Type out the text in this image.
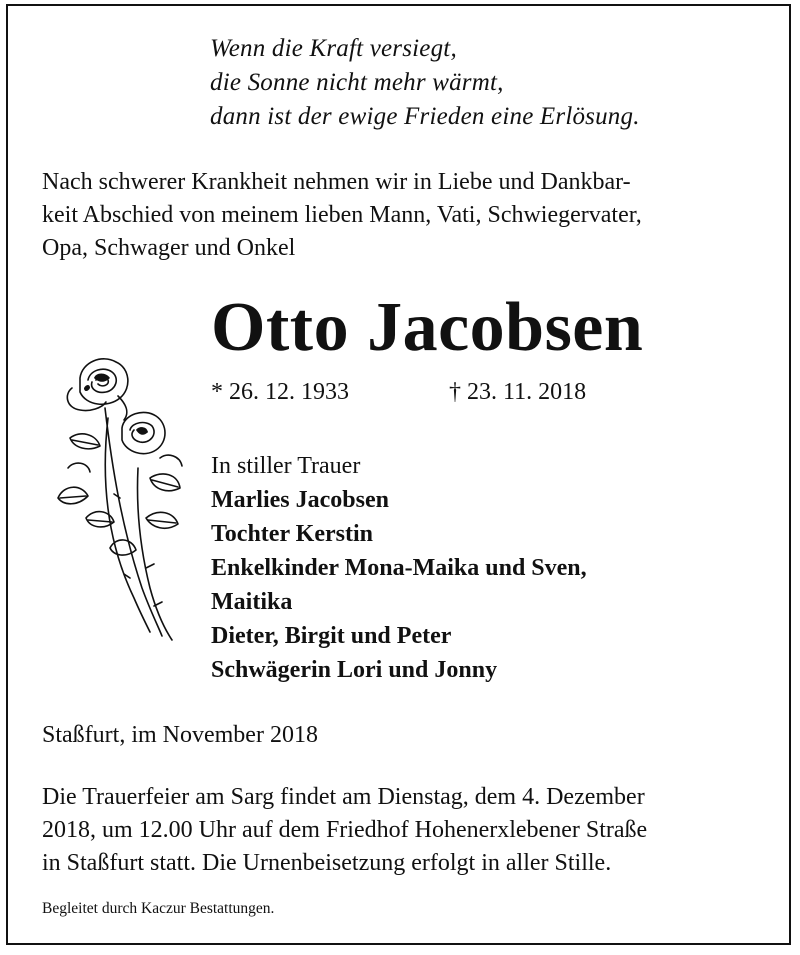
Wenn die Kraft versiegt,
die Sonne nicht mehr wärmt,
dann ist der ewige Frieden eine Erlösung.
Nach schwerer Krankheit nehmen wir in Liebe und Dankbar-
keit Abschied von meinem lieben Mann, Vati, Schwiegervater,
Opa, Schwager und Onkel
Otto Jacobsen
* 26. 12. 1933	† 23. 11. 2018
In stiller Trauer
Marlies Jacobsen
Tochter Kerstin
Enkelkinder Mona-Maika und Sven,
Maitika
Dieter, Birgit und Peter
Schwägerin Lori und Jonny
Staßfurt, im November 2018
Die Trauerfeier am Sarg findet am Dienstag, dem 4. Dezember
2018, um 12.00 Uhr auf dem Friedhof Hohenerxlebener Straße
in Staßfurt statt. Die Urnenbeisetzung erfolgt in aller Stille.
Begleitet durch Kaczur Bestattungen.
